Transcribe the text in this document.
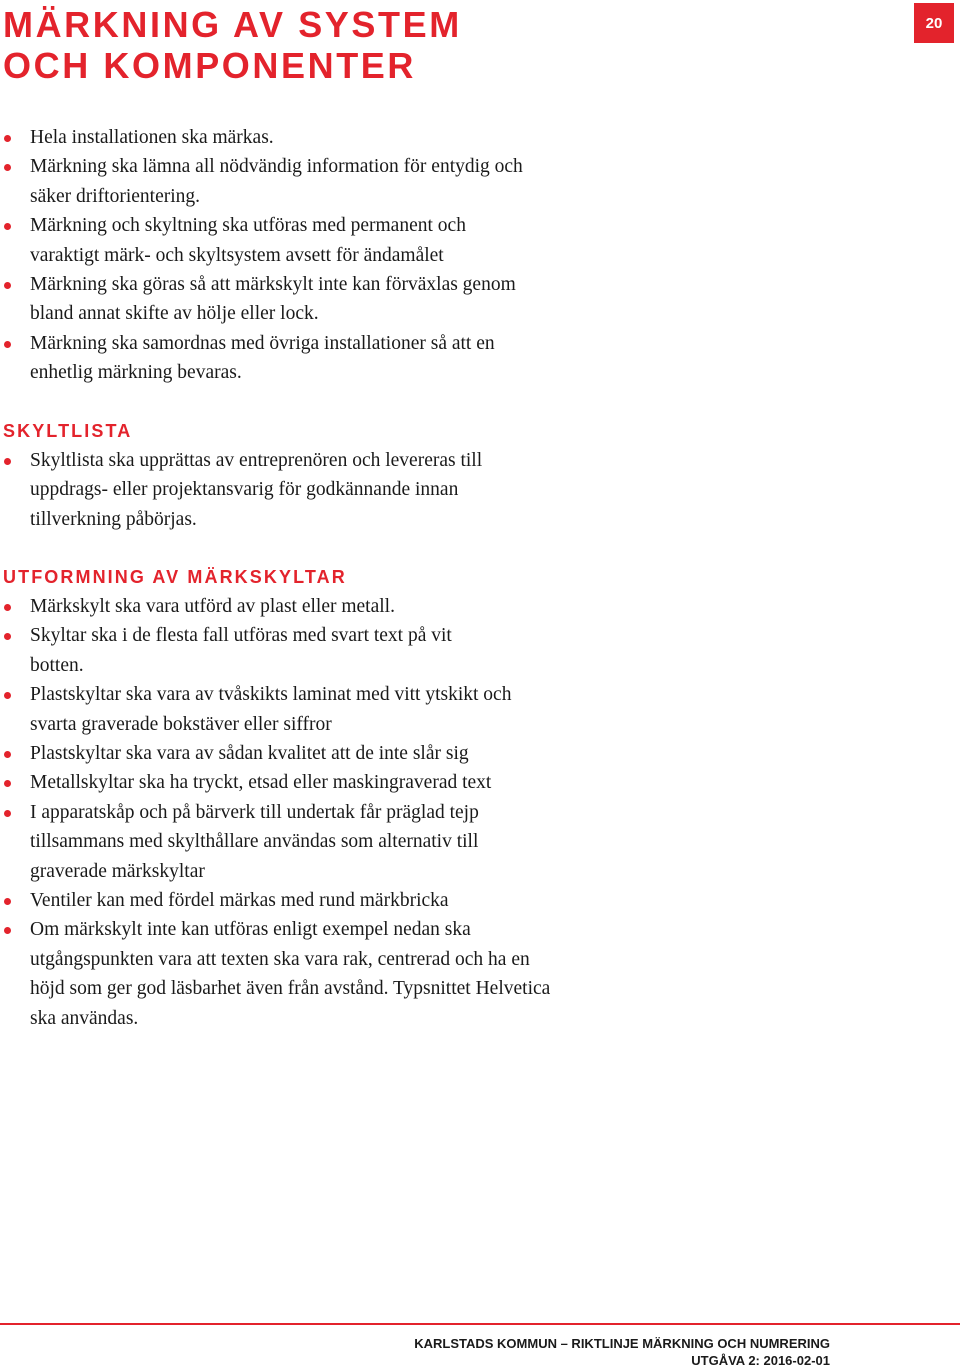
MÄRKNING AV SYSTEM
OCH KOMPONENTER
20
Hela installationen ska märkas.
Märkning ska lämna all nödvändig information för entydig och säker driftorientering.
Märkning och skyltning ska utföras med permanent och varaktigt märk- och skyltsystem avsett för ändamålet
Märkning ska göras så att märkskylt inte kan förväxlas genom bland annat skifte av hölje eller lock.
Märkning ska samordnas med övriga installationer så att en enhetlig märkning bevaras.
SKYLTLISTA
Skyltlista ska upprättas av entreprenören och levereras till uppdrags- eller projektansvarig för godkännande innan tillverkning påbörjas.
UTFORMNING AV MÄRKSKYLTAR
Märkskylt ska vara utförd av plast eller metall.
Skyltar ska i de flesta fall utföras med svart text på vit botten.
Plastskyltar ska vara av tvåskikts laminat med vitt ytskikt och svarta graverade bokstäver eller siffror
Plastskyltar ska vara av sådan kvalitet att de inte slår sig
Metallskyltar ska ha tryckt, etsad eller maskingraverad text
I apparatskåp och på bärverk till undertak får präglad tejp tillsammans med skylthållare användas som alternativ till graverade märkskyltar
Ventiler kan med fördel märkas med rund märkbricka
Om märkskylt inte kan utföras enligt exempel nedan ska utgångspunkten vara att texten ska vara rak, centrerad och ha en höjd som ger god läsbarhet även från avstånd. Typsnittet Helvetica ska användas.
KARLSTADS KOMMUN – RIKTLINJE MÄRKNING OCH NUMRERING
UTGÅVA 2: 2016-02-01
